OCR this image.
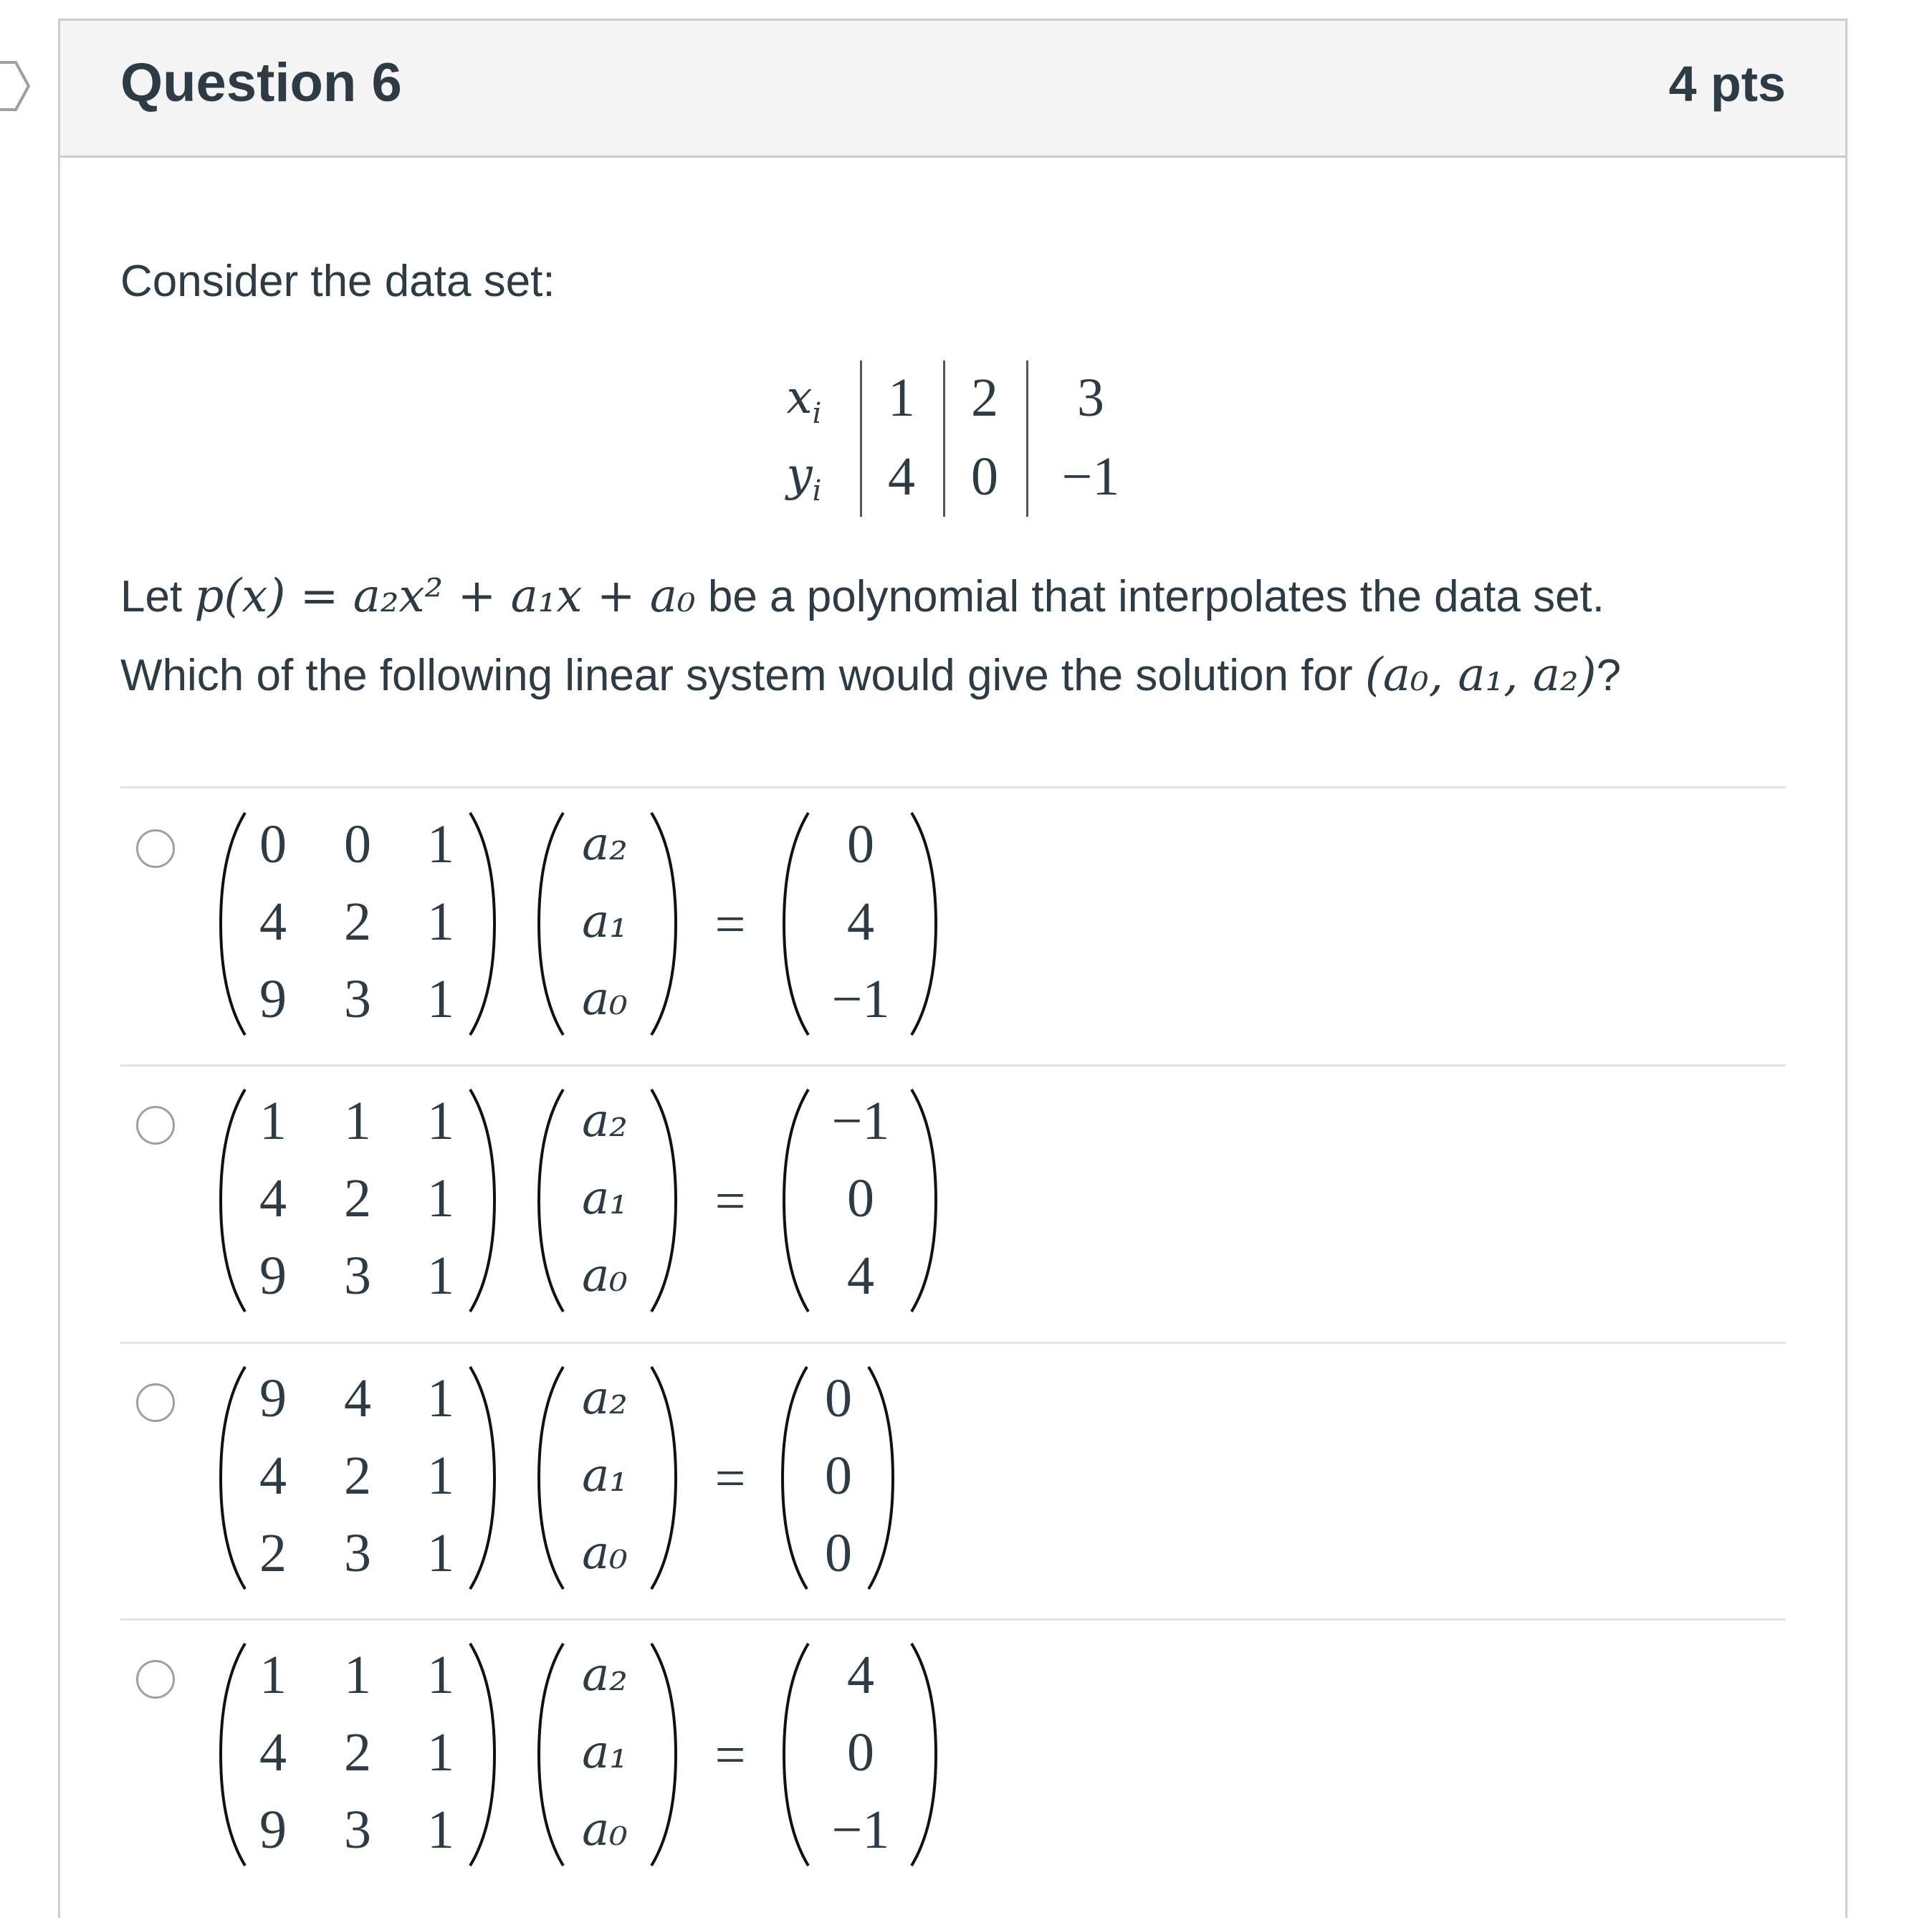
Question 6	4 pts
Consider the data set:
$x_i$
$y_i$
1 2 3
4 0 −1
Let p(x) = a₂x² + a₁x + a₀ be a polynomial that interpolates the data set.
Which of the following linear system would give the solution for (a₀, a₁, a₂)?
0 0 1
4 2 1
9 3 1
a₂
a₁
a₀
=
0
4
−1
1 1 1
4 2 1
9 3 1
a₂
a₁
a₀
=
−1
0
4
9 4 1
4 2 1
2 3 1
a₂
a₁
a₀
=
0
0
0
1 1 1
4 2 1
9 3 1
a₂
a₁
a₀
=
4
0
−1
